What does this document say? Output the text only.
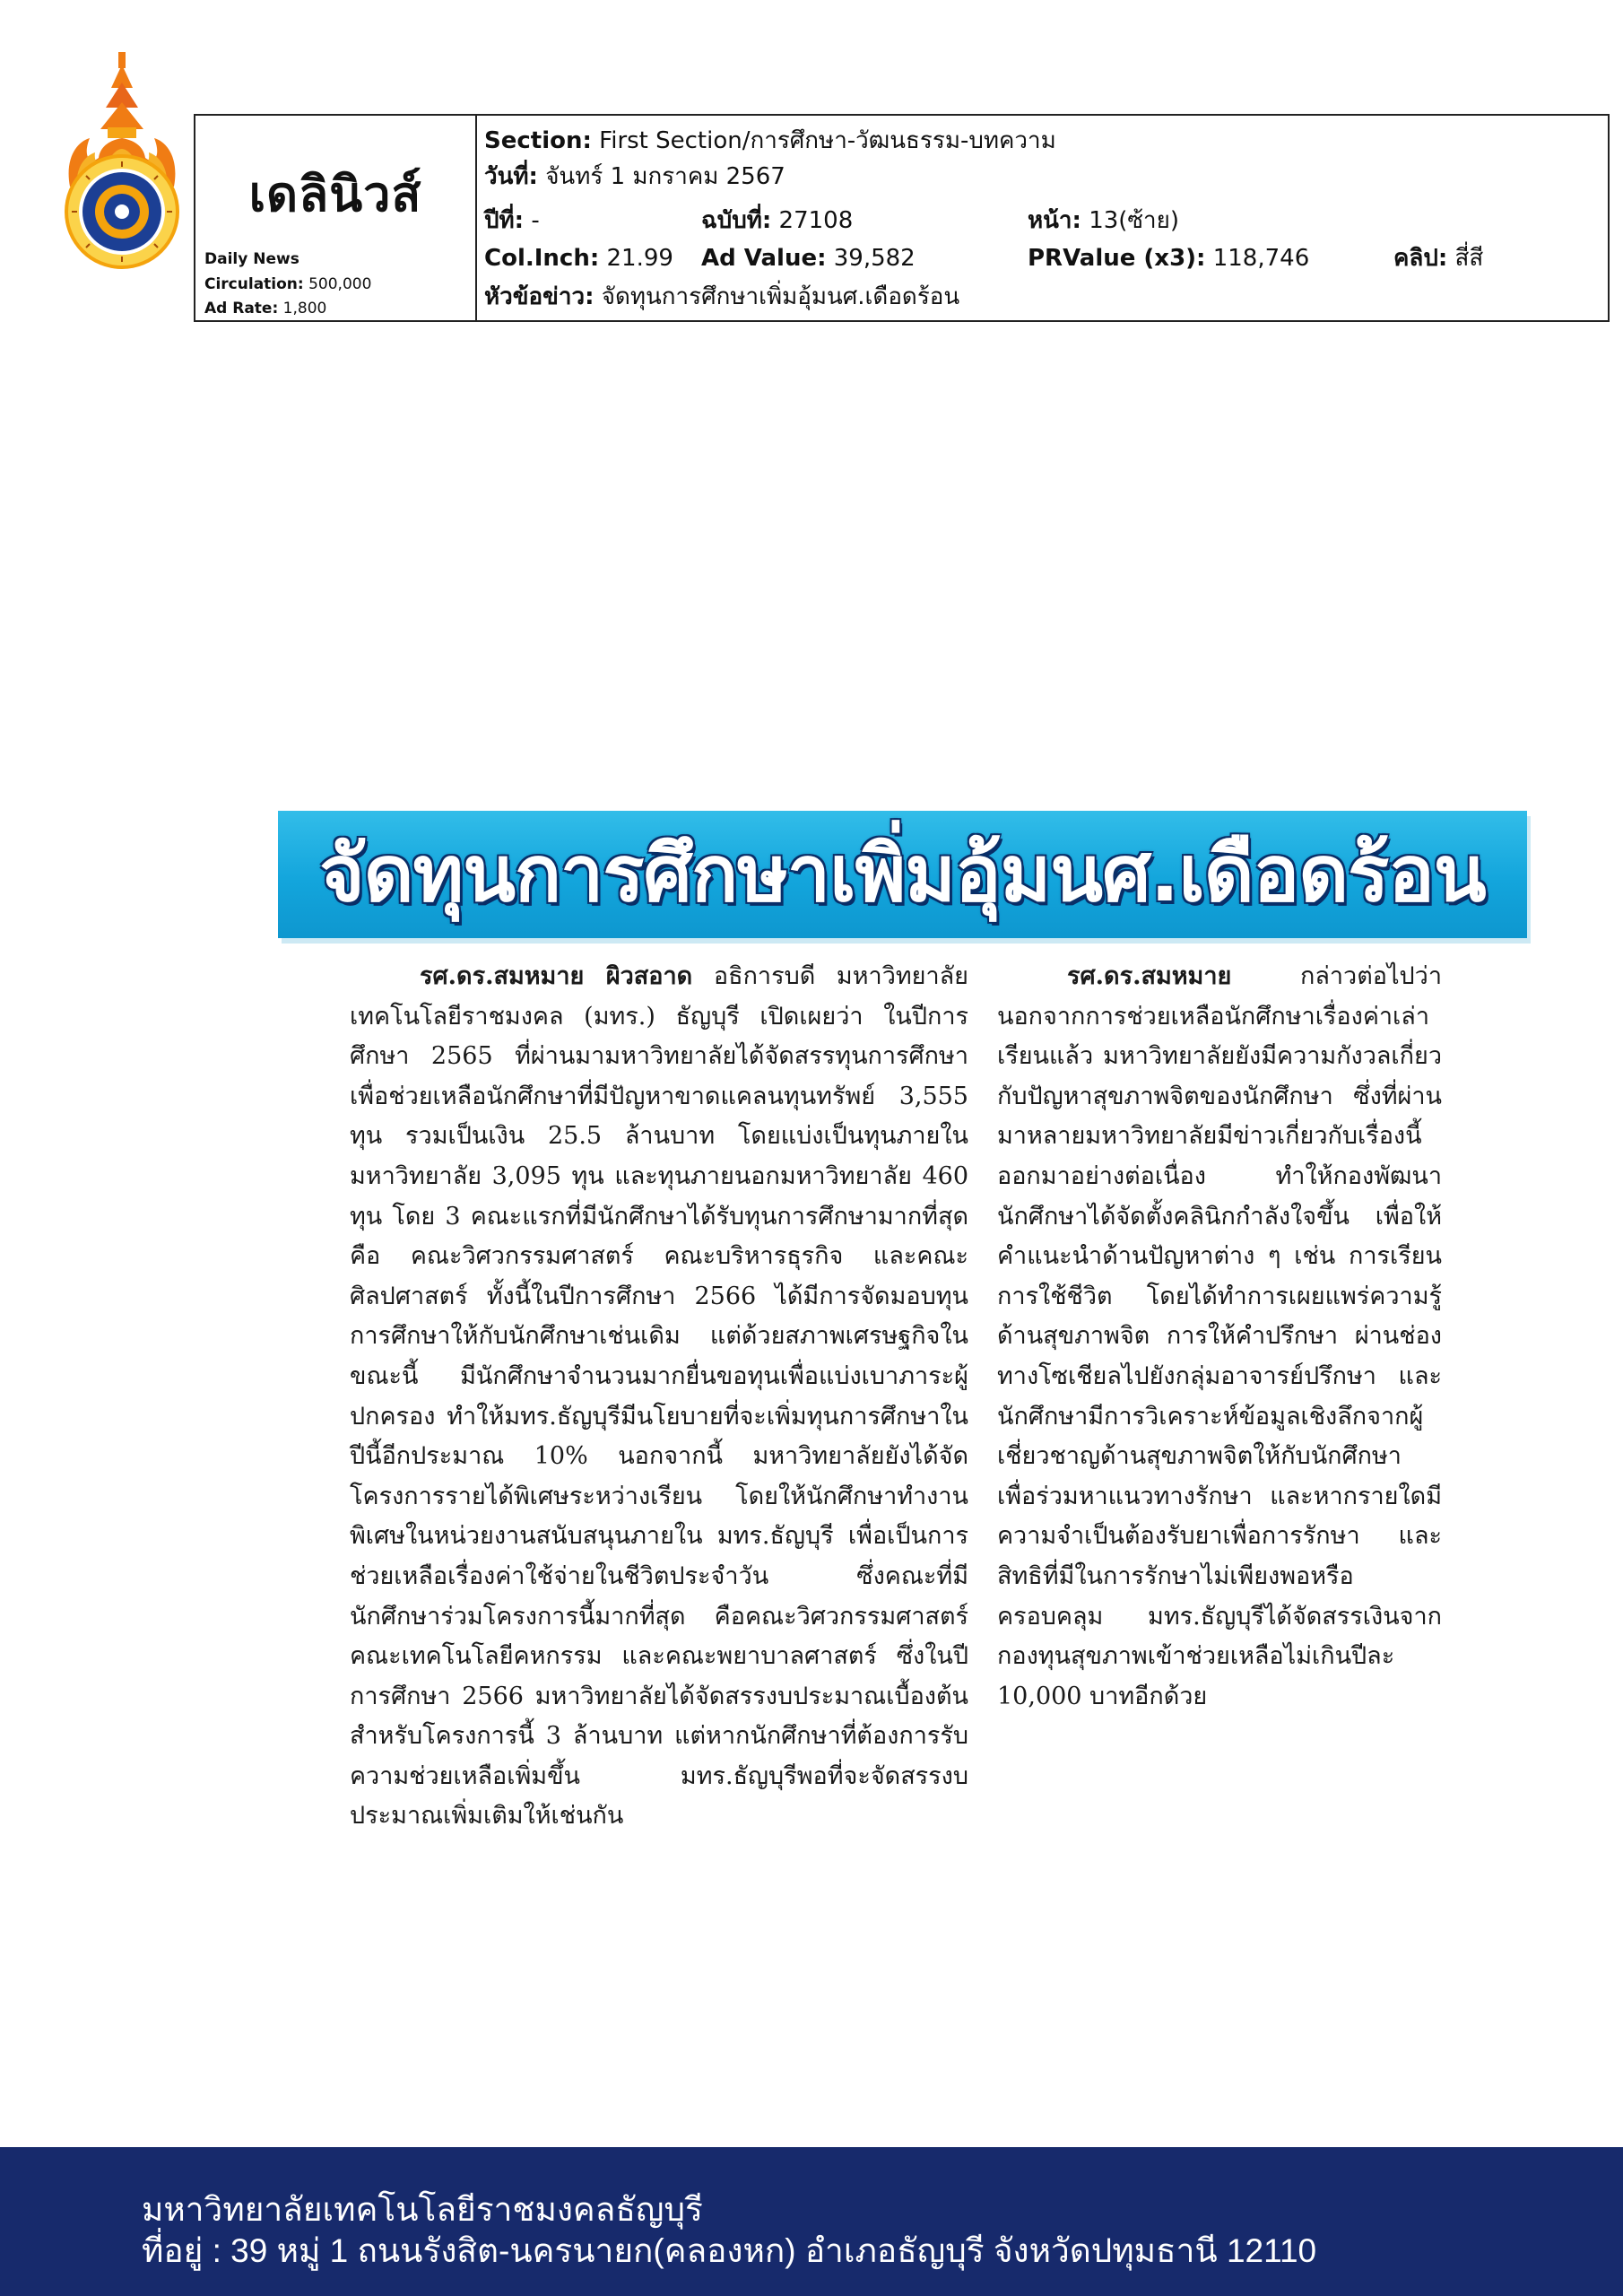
เดลินิวส์
Daily News
Circulation: 500,000
Ad Rate: 1,800
Section: First Section/การศึกษา-วัฒนธรรม-บทความ
วันที่: จันทร์ 1 มกราคม 2567
ปีที่: -	ฉบับที่: 27108	หน้า: 13(ซ้าย)
Col.Inch: 21.99 Ad Value: 39,582	PRValue (x3): 118,746	คลิป: สี่สี
หัวข้อข่าว: จัดทุนการศึกษาเพิ่มอุ้มนศ.เดือดร้อน
จัดทุนการศึกษาเพิ่มอุ้มนศ.เดือดร้อน
รศ.ดร.สมหมาย ผิวสอาด อธิการบดี มหาวิทยาลัยเทคโนโลยีราชมงคล (มทร.) ธัญบุรี เปิดเผยว่า ในปีการศึกษา 2565 ที่ผ่านมามหาวิทยาลัยได้จัดสรรทุนการศึกษา เพื่อช่วยเหลือนักศึกษาที่มีปัญหาขาดแคลนทุนทรัพย์ 3,555 ทุน รวมเป็นเงิน 25.5 ล้านบาท โดยแบ่งเป็นทุนภายในมหาวิทยาลัย 3,095 ทุน และทุนภายนอกมหาวิทยาลัย 460 ทุน โดย 3 คณะแรกที่มีนักศึกษาได้รับทุนการศึกษามากที่สุด คือ คณะวิศวกรรมศาสตร์ คณะบริหารธุรกิจ และคณะศิลปศาสตร์ ทั้งนี้ในปีการศึกษา 2566 ได้มีการจัดมอบทุนการศึกษาให้กับนักศึกษาเช่นเดิม แต่ด้วยสภาพเศรษฐกิจในขณะนี้ มีนักศึกษาจำนวนมากยื่นขอทุนเพื่อแบ่งเบาภาระผู้ปกครอง ทำให้มทร.ธัญบุรีมีนโยบายที่จะเพิ่มทุนการศึกษาในปีนี้อีกประมาณ 10% นอกจากนี้ มหาวิทยาลัยยังได้จัดโครงการรายได้พิเศษระหว่างเรียน โดยให้นักศึกษาทำงานพิเศษในหน่วยงานสนับสนุนภายใน มทร.ธัญบุรี เพื่อเป็นการช่วยเหลือเรื่องค่าใช้จ่ายในชีวิตประจำวัน ซึ่งคณะที่มีนักศึกษาร่วมโครงการนี้มากที่สุด คือคณะวิศวกรรมศาสตร์ คณะเทคโนโลยีคหกรรม และคณะพยาบาลศาสตร์ ซึ่งในปีการศึกษา 2566 มหาวิทยาลัยได้จัดสรรงบประมาณเบื้องต้นสำหรับโครงการนี้ 3 ล้านบาท แต่หากนักศึกษาที่ต้องการรับความช่วยเหลือเพิ่มขึ้น มทร.ธัญบุรีพอที่จะจัดสรรงบประมาณเพิ่มเติมให้เช่นกัน
รศ.ดร.สมหมาย กล่าวต่อไปว่า นอกจากการช่วยเหลือนักศึกษาเรื่องค่าเล่าเรียนแล้ว มหาวิทยาลัยยังมีความกังวลเกี่ยวกับปัญหาสุขภาพจิตของนักศึกษา ซึ่งที่ผ่านมาหลายมหาวิทยาลัยมีข่าวเกี่ยวกับเรื่องนี้ออกมาอย่างต่อเนื่อง ทำให้กองพัฒนานักศึกษาได้จัดตั้งคลินิกกำลังใจขึ้น เพื่อให้คำแนะนำด้านปัญหาต่าง ๆ เช่น การเรียน การใช้ชีวิต โดยได้ทำการเผยแพร่ความรู้ด้านสุขภาพจิต การให้คำปรึกษา ผ่านช่องทางโซเชียลไปยังกลุ่มอาจารย์ปรึกษา และนักศึกษามีการวิเคราะห์ข้อมูลเชิงลึกจากผู้เชี่ยวชาญด้านสุขภาพจิตให้กับนักศึกษา เพื่อร่วมหาแนวทางรักษา และหากรายใดมีความจำเป็นต้องรับยาเพื่อการรักษา และสิทธิที่มีในการรักษาไม่เพียงพอหรือครอบคลุม มทร.ธัญบุรีได้จัดสรรเงินจากกองทุนสุขภาพเข้าช่วยเหลือไม่เกินปีละ 10,000 บาทอีกด้วย
มหาวิทยาลัยเทคโนโลยีราชมงคลธัญบุรี
ที่อยู่ : 39 หมู่ 1 ถนนรังสิต-นครนายก(คลองหก) อำเภอธัญบุรี จังหวัดปทุมธานี 12110
